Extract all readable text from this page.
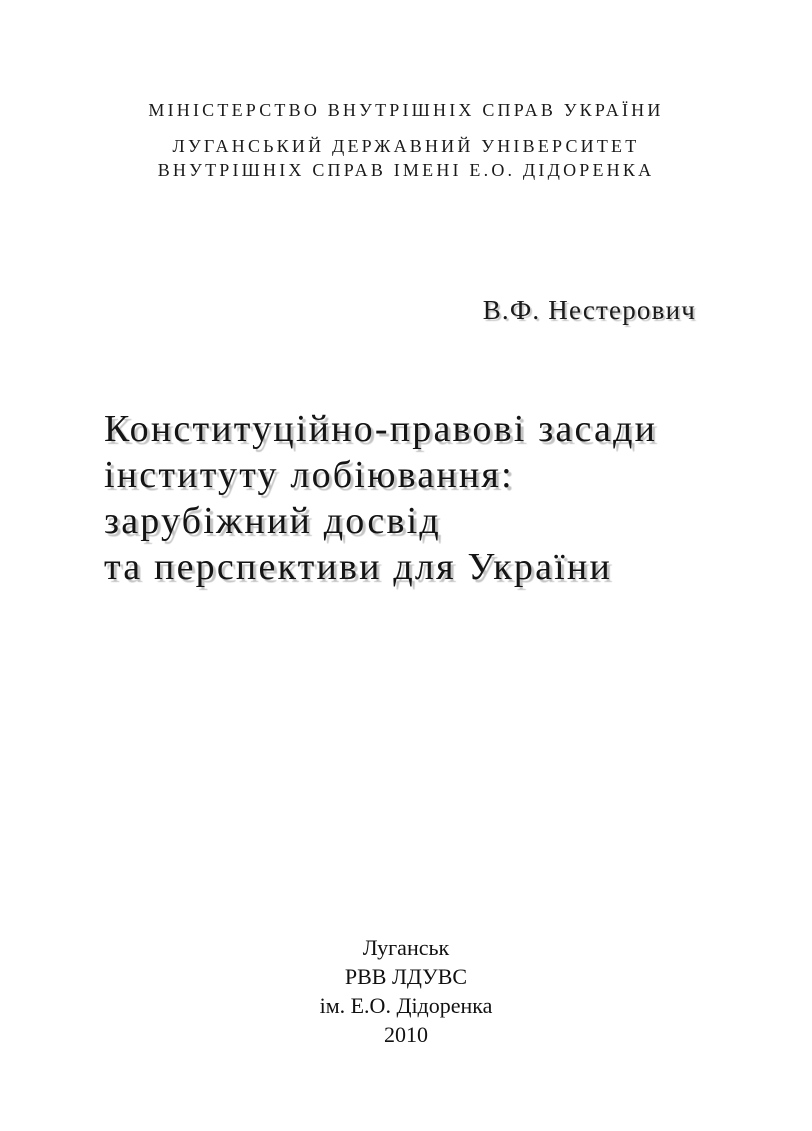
МІНІСТЕРСТВО ВНУТРІШНІХ СПРАВ УКРАЇНИ
ЛУГАНСЬКИЙ ДЕРЖАВНИЙ УНІВЕРСИТЕТ
ВНУТРІШНІХ СПРАВ ІМЕНІ Е.О. ДІДОРЕНКА
В.Ф. Нестерович
Конституційно-правові засади
інституту лобіювання:
зарубіжний досвід
та перспективи для України
Луганськ
РВВ ЛДУВС
ім. Е.О. Дідоренка
2010
